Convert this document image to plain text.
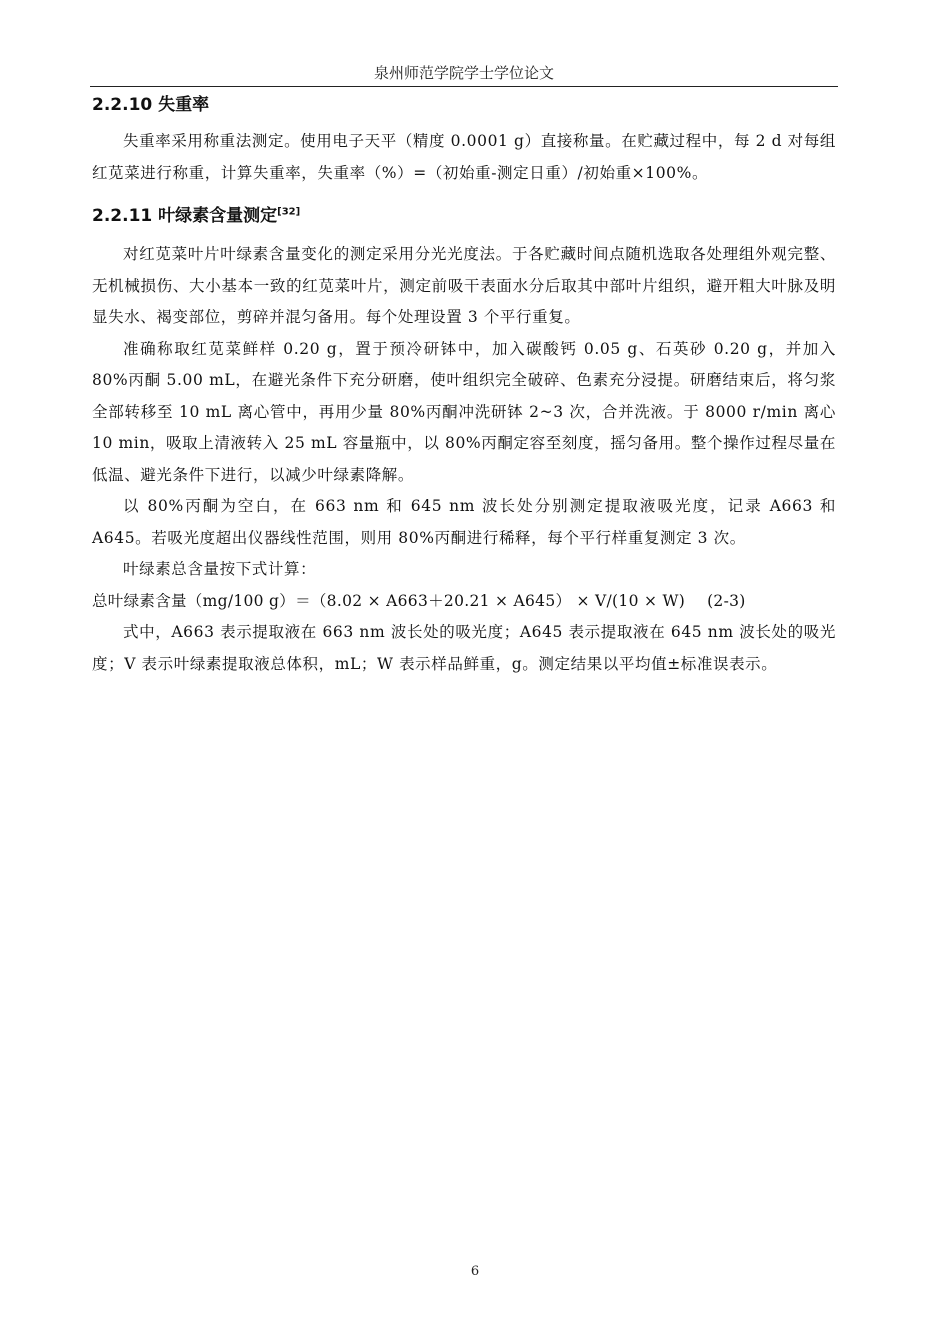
泉州师范学院学士学位论文
2.2.10 失重率

失重率采用称重法测定。使用电子天平（精度 0.0001 g）直接称量。在贮藏过程中，每 2 d 对每组红苋菜进行称重，计算失重率，失重率（%）=（初始重-测定日重）/初始重×100%。

2.2.11 叶绿素含量测定[32]

对红苋菜叶片叶绿素含量变化的测定采用分光光度法。于各贮藏时间点随机选取各处理组外观完整、无机械损伤、大小基本一致的红苋菜叶片，测定前吸干表面水分后取其中部叶片组织，避开粗大叶脉及明显失水、褐变部位，剪碎并混匀备用。每个处理设置 3 个平行重复。

准确称取红苋菜鲜样 0.20 g，置于预冷研钵中，加入碳酸钙 0.05 g、石英砂 0.20 g，并加入 80%丙酮 5.00 mL，在避光条件下充分研磨，使叶组织完全破碎、色素充分浸提。研磨结束后，将匀浆全部转移至 10 mL 离心管中，再用少量 80%丙酮冲洗研钵 2~3 次，合并洗液。于 8000 r/min 离心 10 min，吸取上清液转入 25 mL 容量瓶中，以 80%丙酮定容至刻度，摇匀备用。整个操作过程尽量在低温、避光条件下进行，以减少叶绿素降解。

以 80%丙酮为空白，在 663 nm 和 645 nm 波长处分别测定提取液吸光度，记录 A663 和 A645。若吸光度超出仪器线性范围，则用 80%丙酮进行稀释，每个平行样重复测定 3 次。

叶绿素总含量按下式计算：

总叶绿素含量（mg/100 g）＝（8.02 × A663＋20.21 × A645） × V/(10 × W) (2-3)

式中，A663 表示提取液在 663 nm 波长处的吸光度；A645 表示提取液在 645 nm 波长处的吸光度；V 表示叶绿素提取液总体积，mL；W 表示样品鲜重，g。测定结果以平均值±标准误表示。

6
